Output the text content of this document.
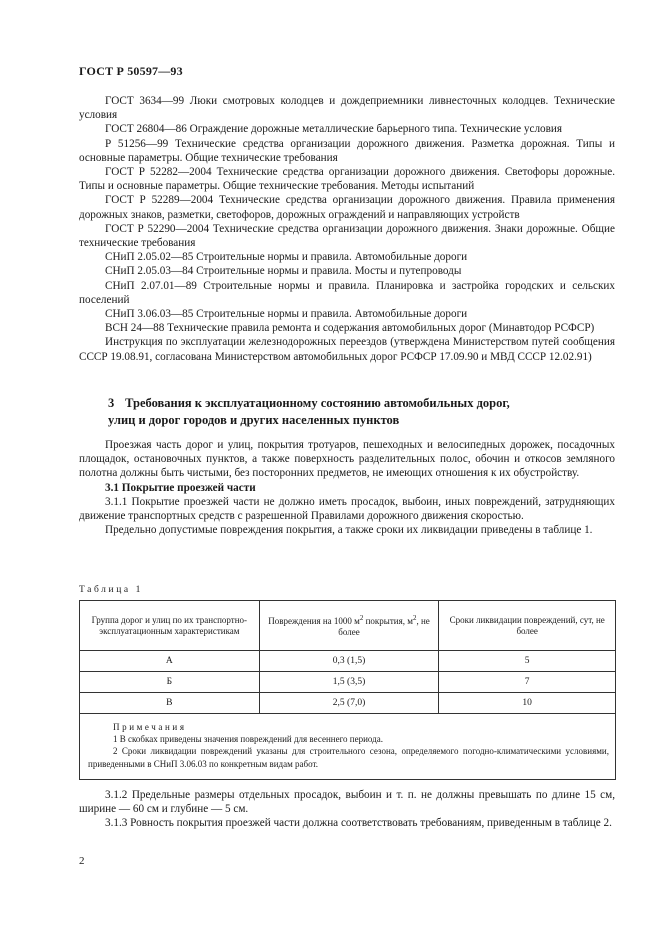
ГОСТ Р 50597—93

ГОСТ 3634—99 Люки смотровых колодцев и дождеприемники ливнесточных колодцев. Технические условия

ГОСТ 26804—86 Ограждение дорожные металлические барьерного типа. Технические условия

Р 51256—99 Технические средства организации дорожного движения. Разметка дорожная. Типы и основные параметры. Общие технические требования

ГОСТ Р 52282—2004 Технические средства организации дорожного движения. Светофоры дорожные. Типы и основные параметры. Общие технические требования. Методы испытаний

ГОСТ Р 52289—2004 Технические средства организации дорожного движения. Правила применения дорожных знаков, разметки, светофоров, дорожных ограждений и направляющих устройств

ГОСТ Р 52290—2004 Технические средства организации дорожного движения. Знаки дорожные. Общие технические требования

СНиП 2.05.02—85 Строительные нормы и правила. Автомобильные дороги

СНиП 2.05.03—84 Строительные нормы и правила. Мосты и путепроводы

СНиП 2.07.01—89 Строительные нормы и правила. Планировка и застройка городских и сельских поселений

СНиП 3.06.03—85 Строительные нормы и правила. Автомобильные дороги

ВСН 24—88 Технические правила ремонта и содержания автомобильных дорог (Минавтодор РСФСР)

Инструкция по эксплуатации железнодорожных переездов (утверждена Министерством путей сообщения СССР 19.08.91, согласована Министерством автомобильных дорог РСФСР 17.09.90 и МВД СССР 12.02.91)

3 Требования к эксплуатационному состоянию автомобильных дорог,
улиц и дорог городов и других населенных пунктов

Проезжая часть дорог и улиц, покрытия тротуаров, пешеходных и велосипедных дорожек, посадочных площадок, остановочных пунктов, а также поверхность разделительных полос, обочин и откосов земляного полотна должны быть чистыми, без посторонних предметов, не имеющих отношения к их обустройству.

3.1 Покрытие проезжей части

3.1.1 Покрытие проезжей части не должно иметь просадок, выбоин, иных повреждений, затрудняющих движение транспортных средств с разрешенной Правилами дорожного движения скоростью.

Предельно допустимые повреждения покрытия, а также сроки их ликвидации приведены в таблице 1.

Таблица 1
Группа дорог и улиц по их транспортно-эксплуатационным характеристикам	Повреждения на 1000 $м^2$ покрытия, $м^2$, не более	Сроки ликвидации повреждений, сут, не более
А	0,3 (1,5)	5
Б	1,5 (3,5)	7
В	2,5 (7,0)	10

Примечания

1 В скобках приведены значения повреждений для весеннего периода.

2 Сроки ликвидации повреждений указаны для строительного сезона, определяемого погодно-климатическими условиями, приведенными в СНиП 3.06.03 по конкретным видам работ.		

3.1.2 Предельные размеры отдельных просадок, выбоин и т. п. не должны превышать по длине 15 см, ширине — 60 см и глубине — 5 см.

3.1.3 Ровность покрытия проезжей части должна соответствовать требованиям, приведенным в таблице 2.

2
